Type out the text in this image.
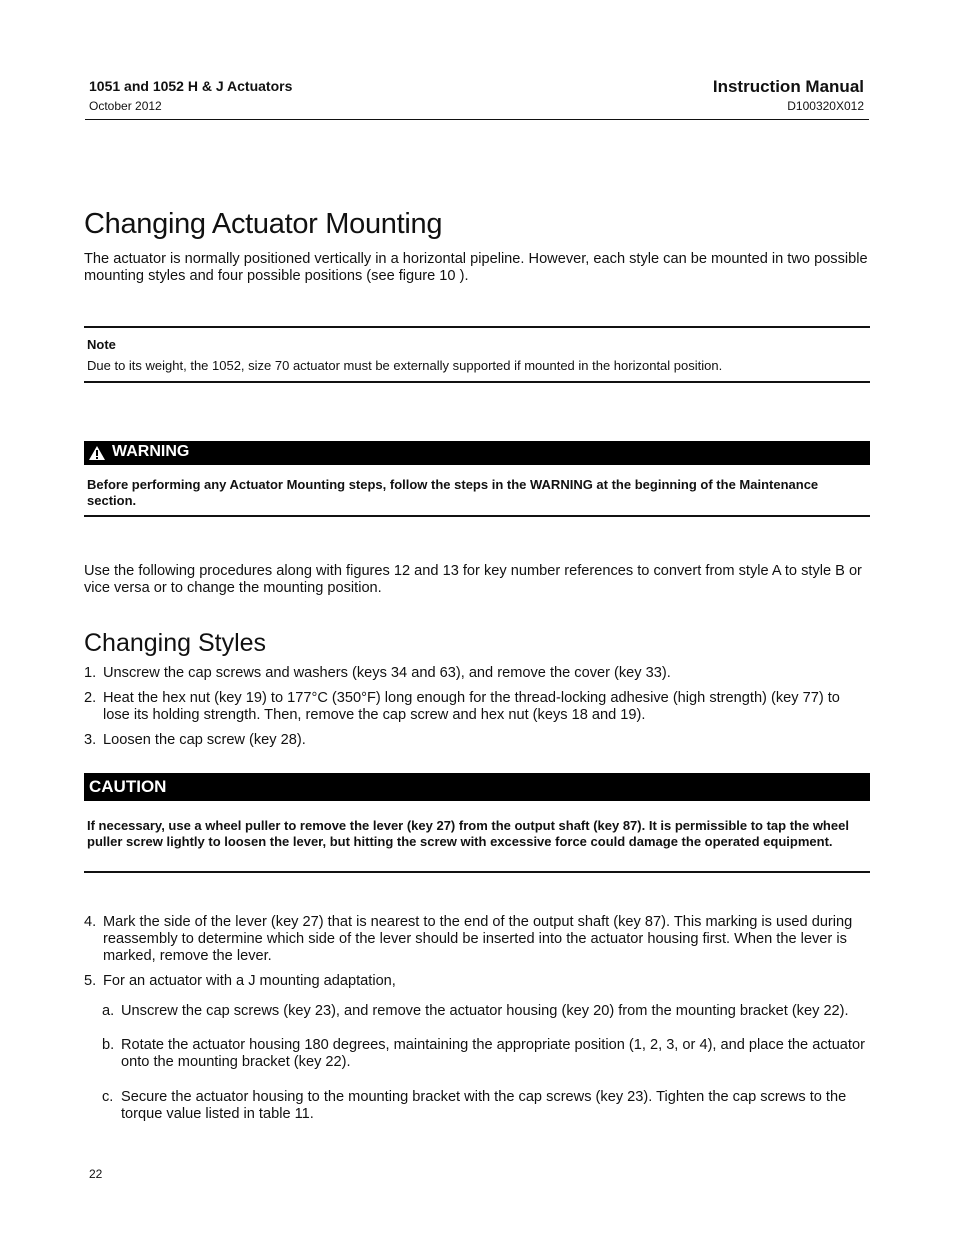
1051 and 1052 H & J Actuators
October 2012
Instruction Manual
D100320X012
Changing Actuator Mounting
The actuator is normally positioned vertically in a horizontal pipeline. However, each style can be mounted in two possible mounting styles and four possible positions (see figure 10 ).
Note
Due to its weight, the 1052, size 70 actuator must be externally supported if mounted in the horizontal position.
WARNING
Before performing any Actuator Mounting steps, follow the steps in the WARNING at the beginning of the Maintenance section.
Use the following procedures along with figures 12 and 13 for key number references to convert from style A to style B or vice versa or to change the mounting position.
Changing Styles
1. Unscrew the cap screws and washers (keys 34 and 63), and remove the cover (key 33).
2. Heat the hex nut (key 19) to 177°C (350°F) long enough for the thread-locking adhesive (high strength) (key 77) to lose its holding strength. Then, remove the cap screw and hex nut (keys 18 and 19).
3. Loosen the cap screw (key 28).
CAUTION
If necessary, use a wheel puller to remove the lever (key 27) from the output shaft (key 87). It is permissible to tap the wheel puller screw lightly to loosen the lever, but hitting the screw with excessive force could damage the operated equipment.
4. Mark the side of the lever (key 27) that is nearest to the end of the output shaft (key 87). This marking is used during reassembly to determine which side of the lever should be inserted into the actuator housing first. When the lever is marked, remove the lever.
5. For an actuator with a J mounting adaptation,
a. Unscrew the cap screws (key 23), and remove the actuator housing (key 20) from the mounting bracket (key 22).
b. Rotate the actuator housing 180 degrees, maintaining the appropriate position (1, 2, 3, or 4), and place the actuator onto the mounting bracket (key 22).
c. Secure the actuator housing to the mounting bracket with the cap screws (key 23). Tighten the cap screws to the torque value listed in table 11.
22
